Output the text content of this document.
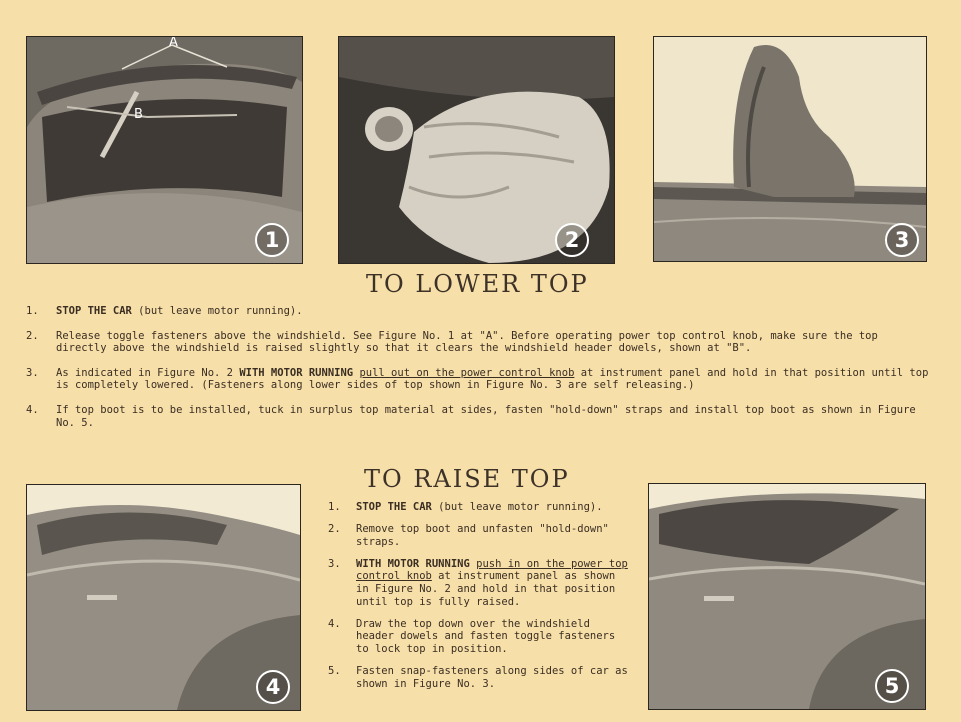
A
B
1	2	3
TO LOWER TOP
1. STOP THE CAR (but leave motor running).
2. Release toggle fasteners above the windshield. See Figure No. 1 at "A". Before operating power top control knob, make sure the top directly above the windshield is raised slightly so that it clears the windshield header dowels, shown at "B".
3. As indicated in Figure No. 2 WITH MOTOR RUNNING pull out on the power control knob at instrument panel and hold in that position until top is completely lowered. (Fasteners along lower sides of top shown in Figure No. 3 are self releasing.)
4. If top boot is to be installed, tuck in surplus top material at sides, fasten "hold-down" straps and install top boot as shown in Figure No. 5.
TO RAISE TOP
4
1. STOP THE CAR (but leave motor running).
2. Remove top boot and unfasten "hold-down" straps.
3. WITH MOTOR RUNNING push in on the power top control knob at instrument panel as shown in Figure No. 2 and hold in that position until top is fully raised.
4. Draw the top down over the windshield header dowels and fasten toggle fasteners to lock top in position.
5. Fasten snap-fasteners along sides of car as shown in Figure No. 3.	5
